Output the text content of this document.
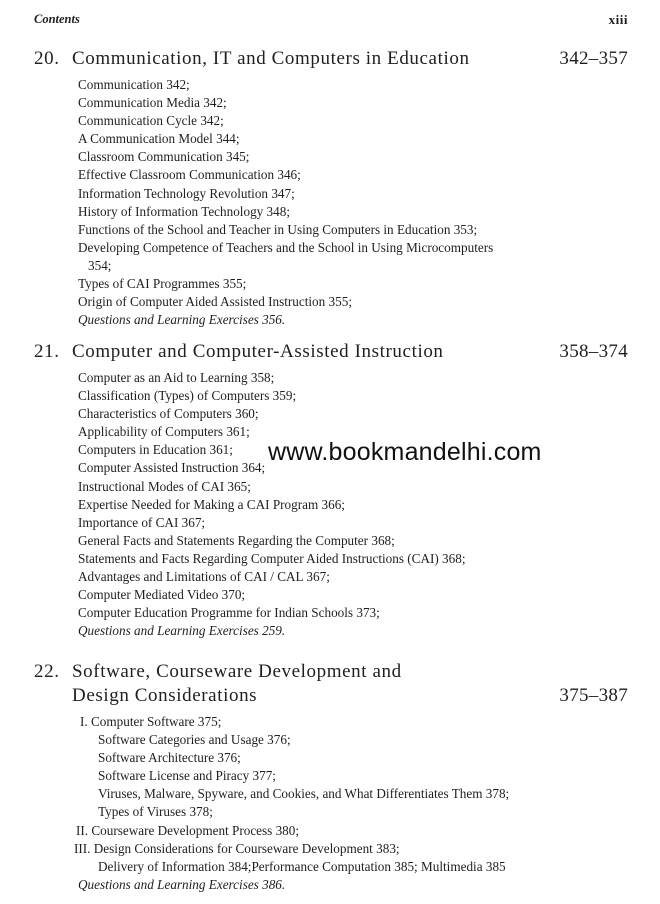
Contents	xiii
20. Communication, IT and Computers in Education	342–357
Communication 342;
Communication Media 342;
Communication Cycle 342;
A Communication Model 344;
Classroom Communication 345;
Effective Classroom Communication 346;
Information Technology Revolution 347;
History of Information Technology 348;
Functions of the School and Teacher in Using Computers in Education 353;
Developing Competence of Teachers and the School in Using Microcomputers
354;
Types of CAI Programmes 355;
Origin of Computer Aided Assisted Instruction 355;
Questions and Learning Exercises 356.
21. Computer and Computer-Assisted Instruction	358–374
Computer as an Aid to Learning 358;
Classification (Types) of Computers 359;
Characteristics of Computers 360;
Applicability of Computers 361;
Computers in Education 361;
Computer Assisted Instruction 364;
Instructional Modes of CAI 365;
Expertise Needed for Making a CAI Program 366;
Importance of CAI 367;
General Facts and Statements Regarding the Computer 368;
Statements and Facts Regarding Computer Aided Instructions (CAI) 368;
Advantages and Limitations of CAI / CAL 367;
Computer Mediated Video 370;
Computer Education Programme for Indian Schools 373;
Questions and Learning Exercises 259.
22. Software, Courseware Development and
Design Considerations	375–387
I. Computer Software 375;
Software Categories and Usage 376;
Software Architecture 376;
Software License and Piracy 377;
Viruses, Malware, Spyware, and Cookies, and What Differentiates Them 378;
Types of Viruses 378;
II. Courseware Development Process 380;
III. Design Considerations for Courseware Development 383;
Delivery of Information 384;Performance Computation 385; Multimedia 385
Questions and Learning Exercises 386.
www.bookmandelhi.com
